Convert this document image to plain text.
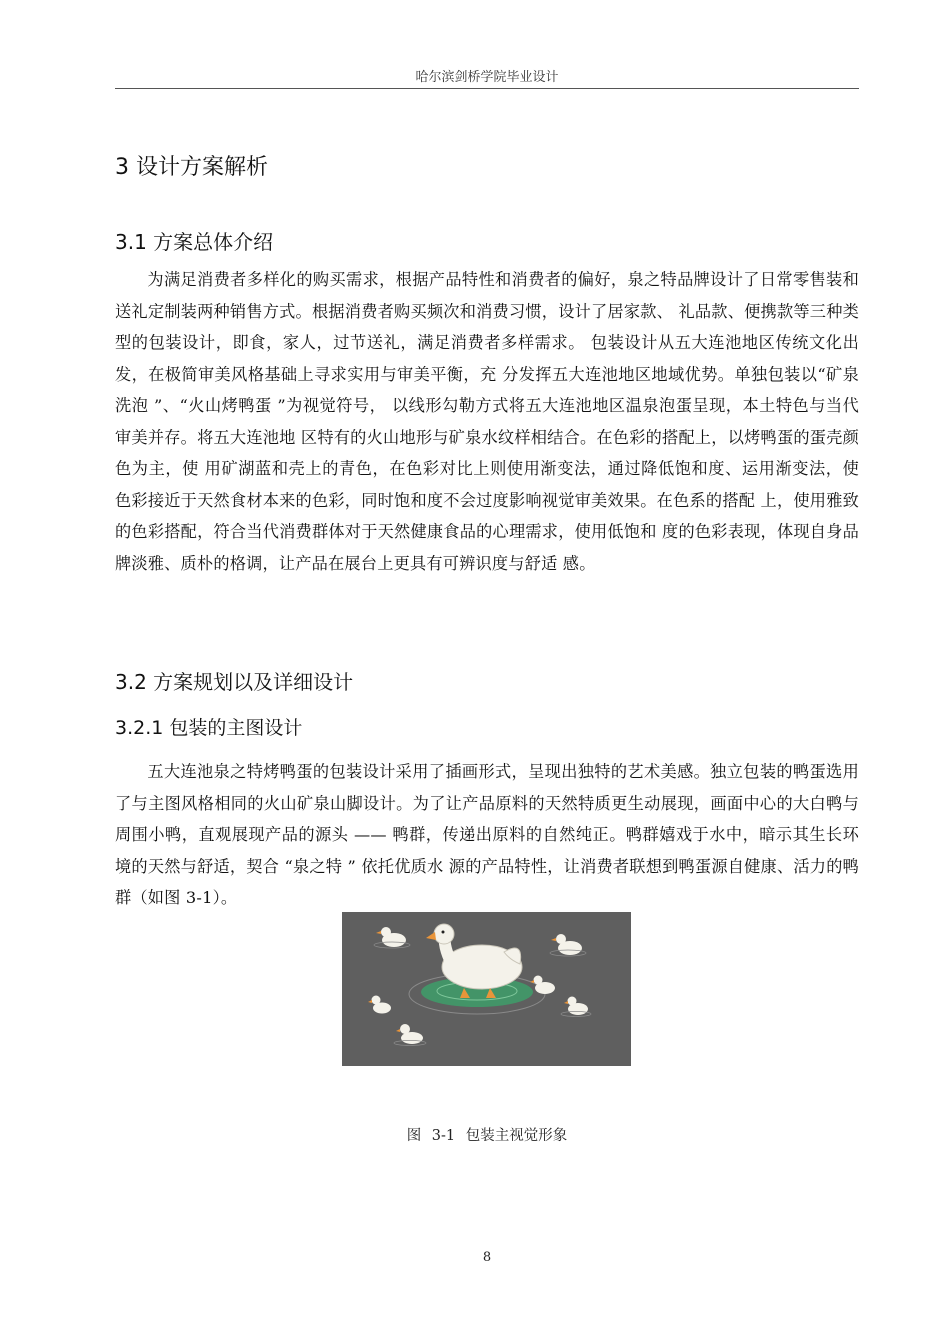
哈尔滨剑桥学院毕业设计
3 设计方案解析
3.1 方案总体介绍

为满足消费者多样化的购买需求，根据产品特性和消费者的偏好，泉之特品牌设计了日常零售装和送礼定制装两种销售方式。根据消费者购买频次和消费习惯，设计了居家款、 礼品款、便携款等三种类型的包装设计，即食，家人，过节送礼，满足消费者多样需求。 包装设计从五大连池地区传统文化出发，在极简审美风格基础上寻求实用与审美平衡，充 分发挥五大连池地区地域优势。单独包装以“矿泉洗泡 ”、“火山烤鸭蛋 ”为视觉符号， 以线形勾勒方式将五大连池地区温泉泡蛋呈现，本土特色与当代审美并存。将五大连池地 区特有的火山地形与矿泉水纹样相结合。在色彩的搭配上，以烤鸭蛋的蛋壳颜色为主，使 用矿湖蓝和壳上的青色，在色彩对比上则使用渐变法，通过降低饱和度、运用渐变法，使 色彩接近于天然食材本来的色彩，同时饱和度不会过度影响视觉审美效果。在色系的搭配 上，使用雅致的色彩搭配，符合当代消费群体对于天然健康食品的心理需求，使用低饱和 度的色彩表现，体现自身品牌淡雅、质朴的格调，让产品在展台上更具有可辨识度与舒适 感。

3.2 方案规划以及详细设计
3.2.1 包装的主图设计

五大连池泉之特烤鸭蛋的包装设计采用了插画形式，呈现出独特的艺术美感。独立包装的鸭蛋选用了与主图风格相同的火山矿泉山脚设计。为了让产品原料的天然特质更生动展现，画面中心的大白鸭与周围小鸭，直观展现产品的源头 —— 鸭群，传递出原料的自然纯正。鸭群嬉戏于水中，暗示其生长环境的天然与舒适，契合 “泉之特 ” 依托优质水 源的产品特性，让消费者联想到鸭蛋源自健康、活力的鸭群（如图 3-1）。

图 3-1 包装主视觉形象
8
